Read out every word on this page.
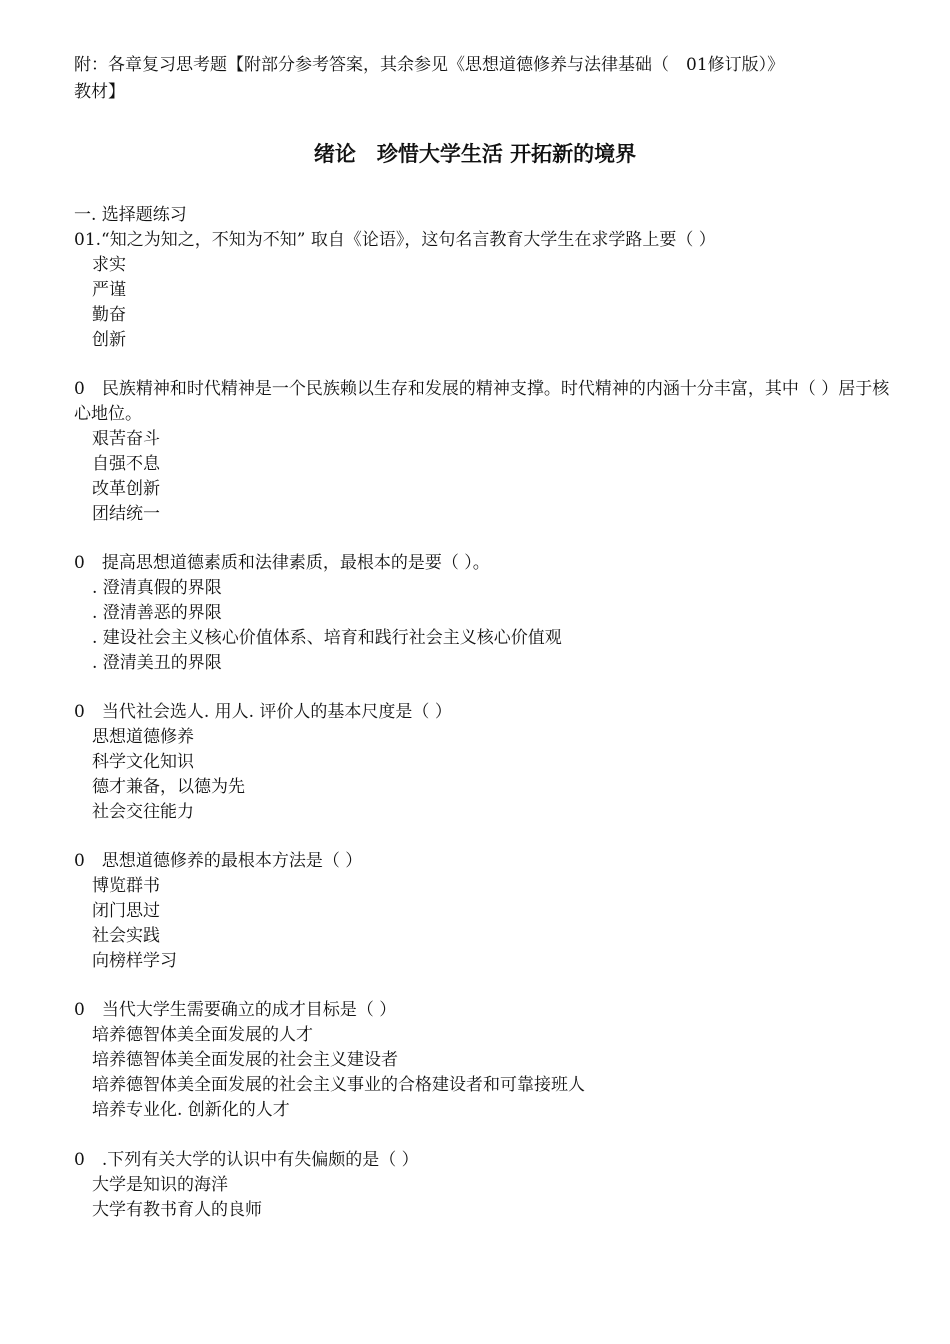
附：各章复习思考题【附部分参考答案，其余参见《思想道德修养与法律基础（　01修订版）》
教材】
绪论　珍惜大学生活 开拓新的境界
一. 选择题练习
01.“知之为知之，不知为不知” 取自《论语》，这句名言教育大学生在求学路上要（ ）
求实
严谨
勤奋
创新
0　民族精神和时代精神是一个民族赖以生存和发展的精神支撑。时代精神的内涵十分丰富，其中（ ）居于核心地位。
艰苦奋斗
自强不息
改革创新
团结统一
0　提高思想道德素质和法律素质，最根本的是要（ ）。
. 澄清真假的界限
. 澄清善恶的界限
. 建设社会主义核心价值体系、培育和践行社会主义核心价值观
. 澄清美丑的界限
0　当代社会选人. 用人. 评价人的基本尺度是（ ）
思想道德修养
科学文化知识
德才兼备，以德为先
社会交往能力
0　思想道德修养的最根本方法是（ ）
博览群书
闭门思过
社会实践
向榜样学习
0　当代大学生需要确立的成才目标是（ ）
培养德智体美全面发展的人才
培养德智体美全面发展的社会主义建设者
培养德智体美全面发展的社会主义事业的合格建设者和可靠接班人
培养专业化. 创新化的人才
0　.下列有关大学的认识中有失偏颇的是（ ）
大学是知识的海洋
大学有教书育人的良师
